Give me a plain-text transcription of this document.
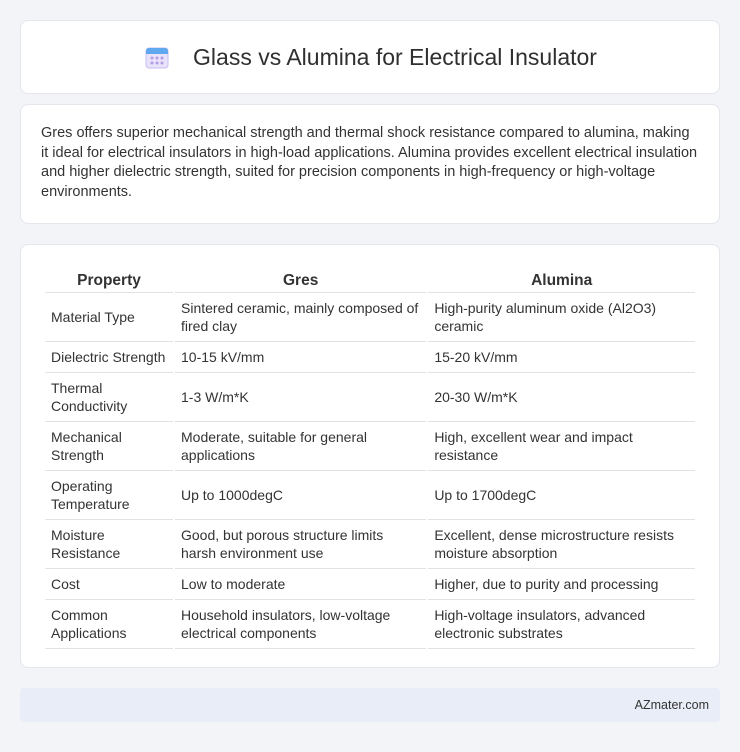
Glass vs Alumina for Electrical Insulator

Gres offers superior mechanical strength and thermal shock resistance compared to alumina, making it ideal for electrical insulators in high-load applications. Alumina provides excellent electrical insulation and higher dielectric strength, suited for precision components in high-frequency or high-voltage environments.

Property	Gres	Alumina
Material Type	Sintered ceramic, mainly composed of fired clay	High-purity aluminum oxide (Al2O3) ceramic
Dielectric Strength	10-15 kV/mm	15-20 kV/mm
Thermal Conductivity	1-3 W/m*K	20-30 W/m*K
Mechanical Strength	Moderate, suitable for general applications	High, excellent wear and impact resistance
Operating Temperature	Up to 1000degC	Up to 1700degC
Moisture Resistance	Good, but porous structure limits harsh environment use	Excellent, dense microstructure resists moisture absorption
Cost	Low to moderate	Higher, due to purity and processing
Common Applications	Household insulators, low-voltage electrical components	High-voltage insulators, advanced electronic substrates
AZmater.com
